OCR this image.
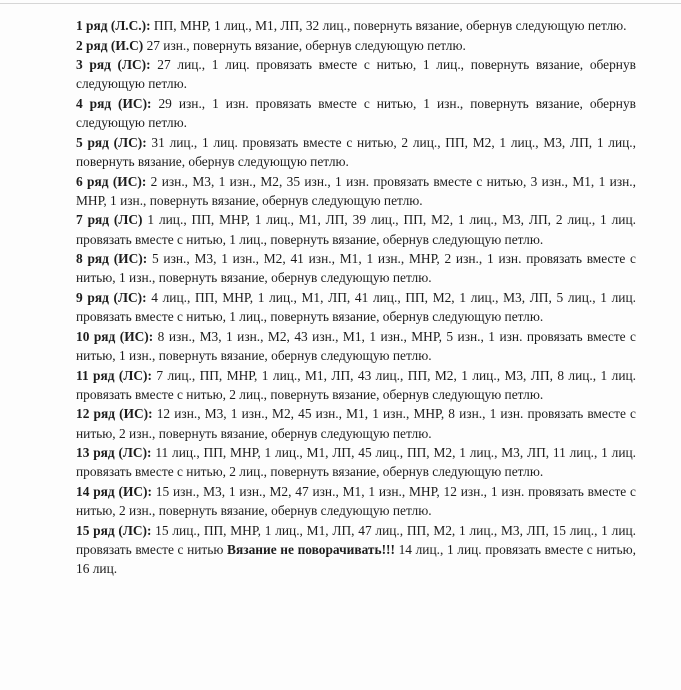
1 ряд (Л.С.): ПП, МНР, 1 лиц., М1, ЛП, 32 лиц., повернуть вязание, обернув следующую петлю.

2 ряд (И.С) 27 изн., повернуть вязание, обернув следующую петлю.

3 ряд (ЛС): 27 лиц., 1 лиц. провязать вместе с нитью, 1 лиц., повернуть вязание, обернув следующую петлю.

4 ряд (ИС): 29 изн., 1 изн. провязать вместе с нитью, 1 изн., повернуть вязание, обернув следующую петлю.

5 ряд (ЛС): 31 лиц., 1 лиц. провязать вместе с нитью, 2 лиц., ПП, М2, 1 лиц., М3, ЛП, 1 лиц., повернуть вязание, обернув следующую петлю.

6 ряд (ИС): 2 изн., М3, 1 изн., М2, 35 изн., 1 изн. провязать вместе с нитью, 3 изн., М1, 1 изн., МНР, 1 изн., повернуть вязание, обернув следующую петлю.

7 ряд (ЛС) 1 лиц., ПП, МНР, 1 лиц., М1, ЛП, 39 лиц., ПП, М2, 1 лиц., М3, ЛП, 2 лиц., 1 лиц. провязать вместе с нитью, 1 лиц., повернуть вязание, обернув следующую петлю.

8 ряд (ИС): 5 изн., М3, 1 изн., М2, 41 изн., М1, 1 изн., МНР, 2 изн., 1 изн. провязать вместе с нитью, 1 изн., повернуть вязание, обернув следующую петлю.

9 ряд (ЛС): 4 лиц., ПП, МНР, 1 лиц., М1, ЛП, 41 лиц., ПП, М2, 1 лиц., М3, ЛП, 5 лиц., 1 лиц. провязать вместе с нитью, 1 лиц., повернуть вязание, обернув следующую петлю.

10 ряд (ИС): 8 изн., М3, 1 изн., М2, 43 изн., М1, 1 изн., МНР, 5 изн., 1 изн. провязать вместе с нитью, 1 изн., повернуть вязание, обернув следующую петлю.

11 ряд (ЛС): 7 лиц., ПП, МНР, 1 лиц., М1, ЛП, 43 лиц., ПП, М2, 1 лиц., М3, ЛП, 8 лиц., 1 лиц. провязать вместе с нитью, 2 лиц., повернуть вязание, обернув следующую петлю.

12 ряд (ИС): 12 изн., М3, 1 изн., М2, 45 изн., М1, 1 изн., МНР, 8 изн., 1 изн. провязать вместе с нитью, 2 изн., повернуть вязание, обернув следующую петлю.

13 ряд (ЛС): 11 лиц., ПП, МНР, 1 лиц., М1, ЛП, 45 лиц., ПП, М2, 1 лиц., М3, ЛП, 11 лиц., 1 лиц. провязать вместе с нитью, 2 лиц., повернуть вязание, обернув следующую петлю.

14 ряд (ИС): 15 изн., М3, 1 изн., М2, 47 изн., М1, 1 изн., МНР, 12 изн., 1 изн. провязать вместе с нитью, 2 изн., повернуть вязание, обернув следующую петлю.

15 ряд (ЛС): 15 лиц., ПП, МНР, 1 лиц., М1, ЛП, 47 лиц., ПП, М2, 1 лиц., М3, ЛП, 15 лиц., 1 лиц. провязать вместе с нитью Вязание не поворачивать!!! 14 лиц., 1 лиц. провязать вместе с нитью, 16 лиц.
